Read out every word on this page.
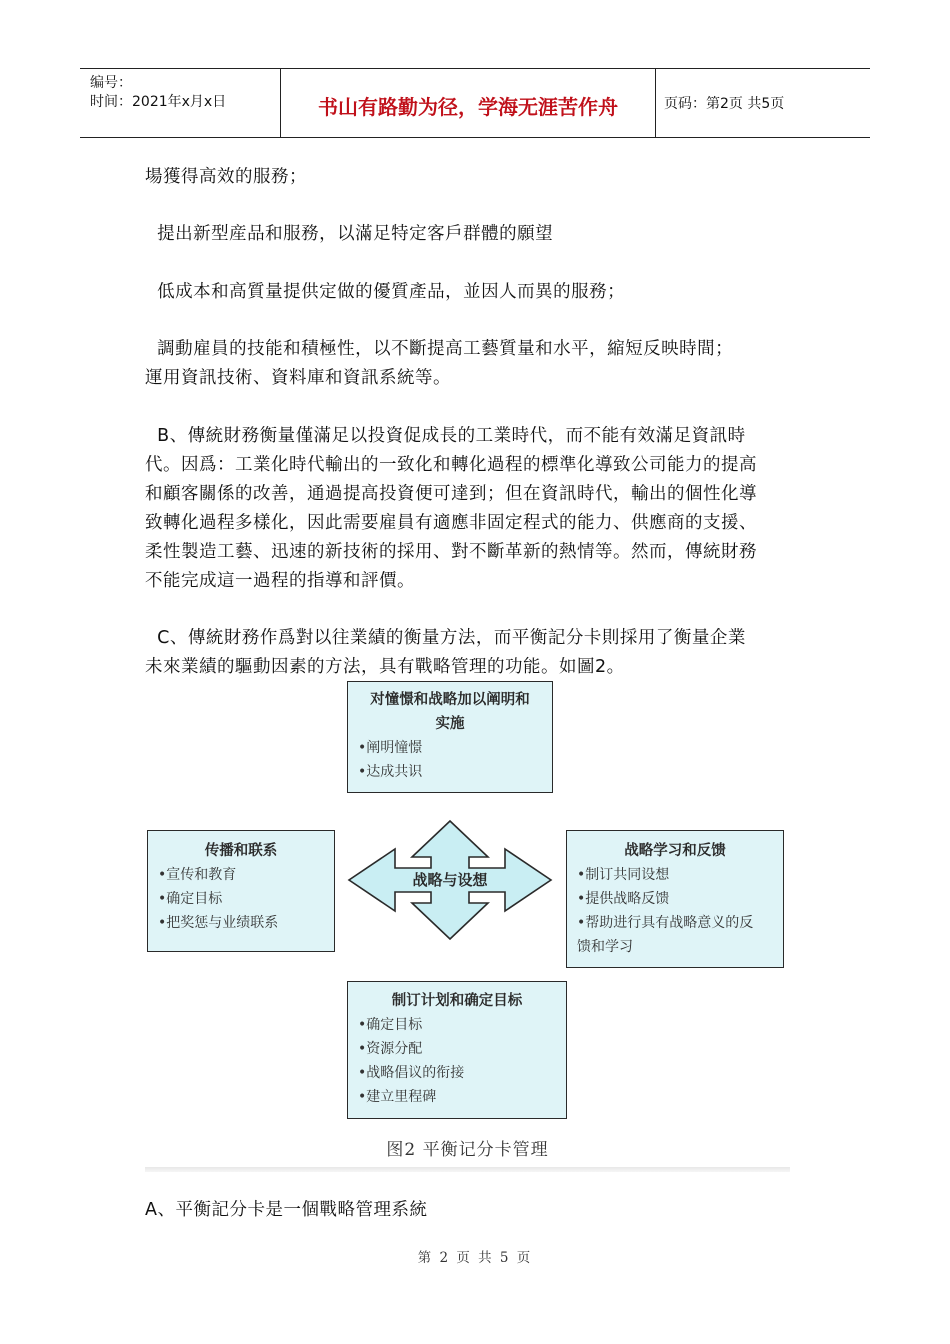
编号：
时间：2021年x月x日	书山有路勤为径，学海无涯苦作舟	页码：第2页 共5页

場獲得高效的服務；

提出新型産品和服務，以滿足特定客戶群體的願望

低成本和高質量提供定做的優質產品，並因人而異的服務；

調動雇員的技能和積極性，以不斷提高工藝質量和水平，縮短反映時間；

運用資訊技術、資料庫和資訊系統等。

B、傳統財務衡量僅滿足以投資促成長的工業時代，而不能有效滿足資訊時

代。因爲：工業化時代輸出的一致化和轉化過程的標準化導致公司能力的提高

和顧客關係的改善，通過提高投資便可達到；但在資訊時代，輸出的個性化導

致轉化過程多樣化，因此需要雇員有適應非固定程式的能力、供應商的支援、

柔性製造工藝、迅速的新技術的採用、對不斷革新的熱情等。然而，傳統財務

不能完成這一過程的指導和評價。

C、傳統財務作爲對以往業績的衡量方法，而平衡記分卡則採用了衡量企業

未來業績的驅動因素的方法，具有戰略管理的功能。如圖2。

对憧憬和战略加以阐明和
实施
•阐明憧憬
•达成共识
传播和联系
•宣传和教育
•确定目标
•把奖惩与业绩联系
战略学习和反馈
•制订共同设想
•提供战略反馈
•帮助进行具有战略意义的反
馈和学习
制订计划和确定目标
•确定目标
•资源分配
•战略倡议的衔接
•建立里程碑
战略与设想
图2 平衡记分卡管理

A、平衡記分卡是一個戰略管理系統

第 2 页 共 5 页
